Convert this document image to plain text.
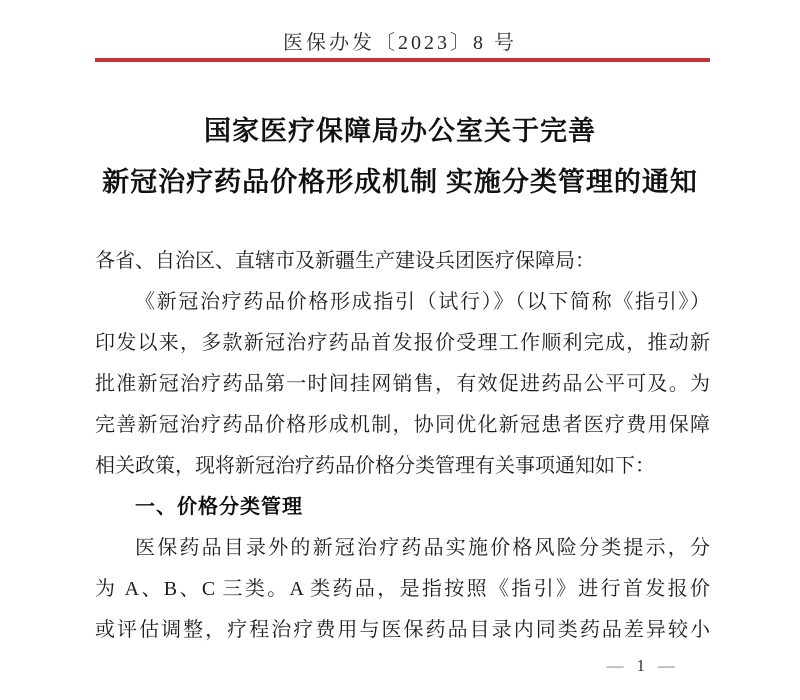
医保办发〔2023〕8 号
国家医疗保障局办公室关于完善
新冠治疗药品价格形成机制 实施分类管理的通知
各省、自治区、直辖市及新疆生产建设兵团医疗保障局：
《新冠治疗药品价格形成指引（试行）》（以下简称《指引》）
印发以来，多款新冠治疗药品首发报价受理工作顺利完成，推动新
批准新冠治疗药品第一时间挂网销售，有效促进药品公平可及。为
完善新冠治疗药品价格形成机制，协同优化新冠患者医疗费用保障
相关政策，现将新冠治疗药品价格分类管理有关事项通知如下：
一、价格分类管理
医保药品目录外的新冠治疗药品实施价格风险分类提示，分
为 A、B、C 三类。A 类药品，是指按照《指引》进行首发报价
或评估调整，疗程治疗费用与医保药品目录内同类药品差异较小
— 1 —
